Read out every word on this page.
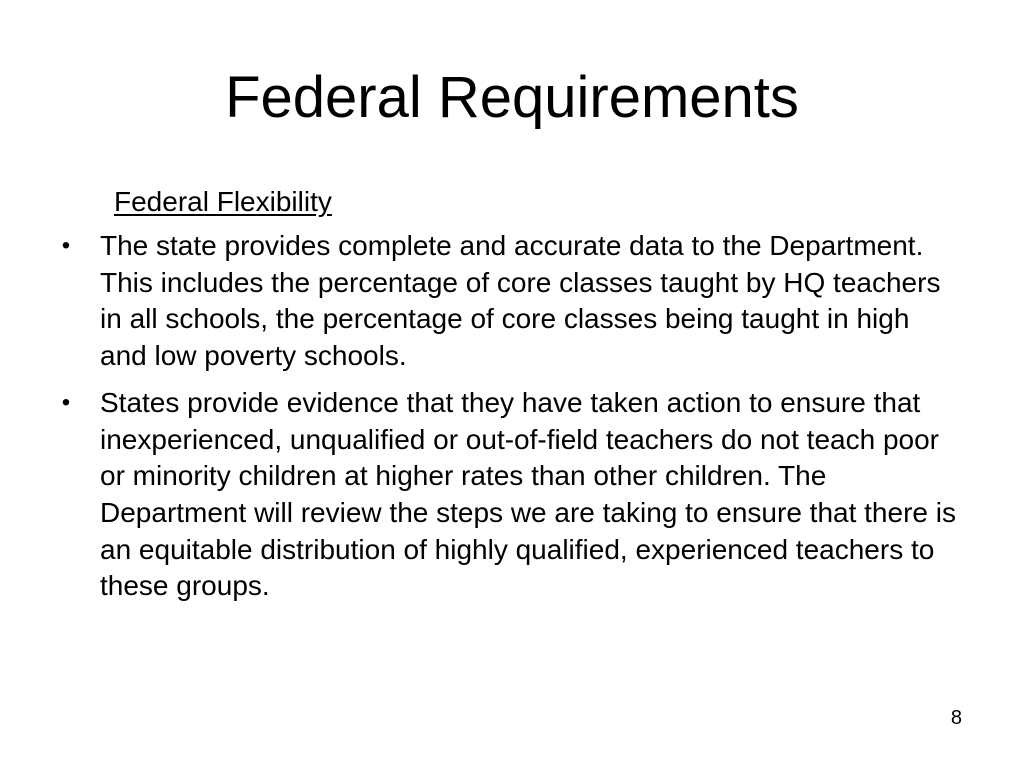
Federal Requirements
Federal Flexibility
• The state provides complete and accurate data to the Department. This includes the percentage of core classes taught by HQ teachers in all schools, the percentage of core classes being taught in high and low poverty schools.
• States provide evidence that they have taken action to ensure that inexperienced, unqualified or out-of-field teachers do not teach poor or minority children at higher rates than other children. The Department will review the steps we are taking to ensure that there is an equitable distribution of highly qualified, experienced teachers to these groups.
8
